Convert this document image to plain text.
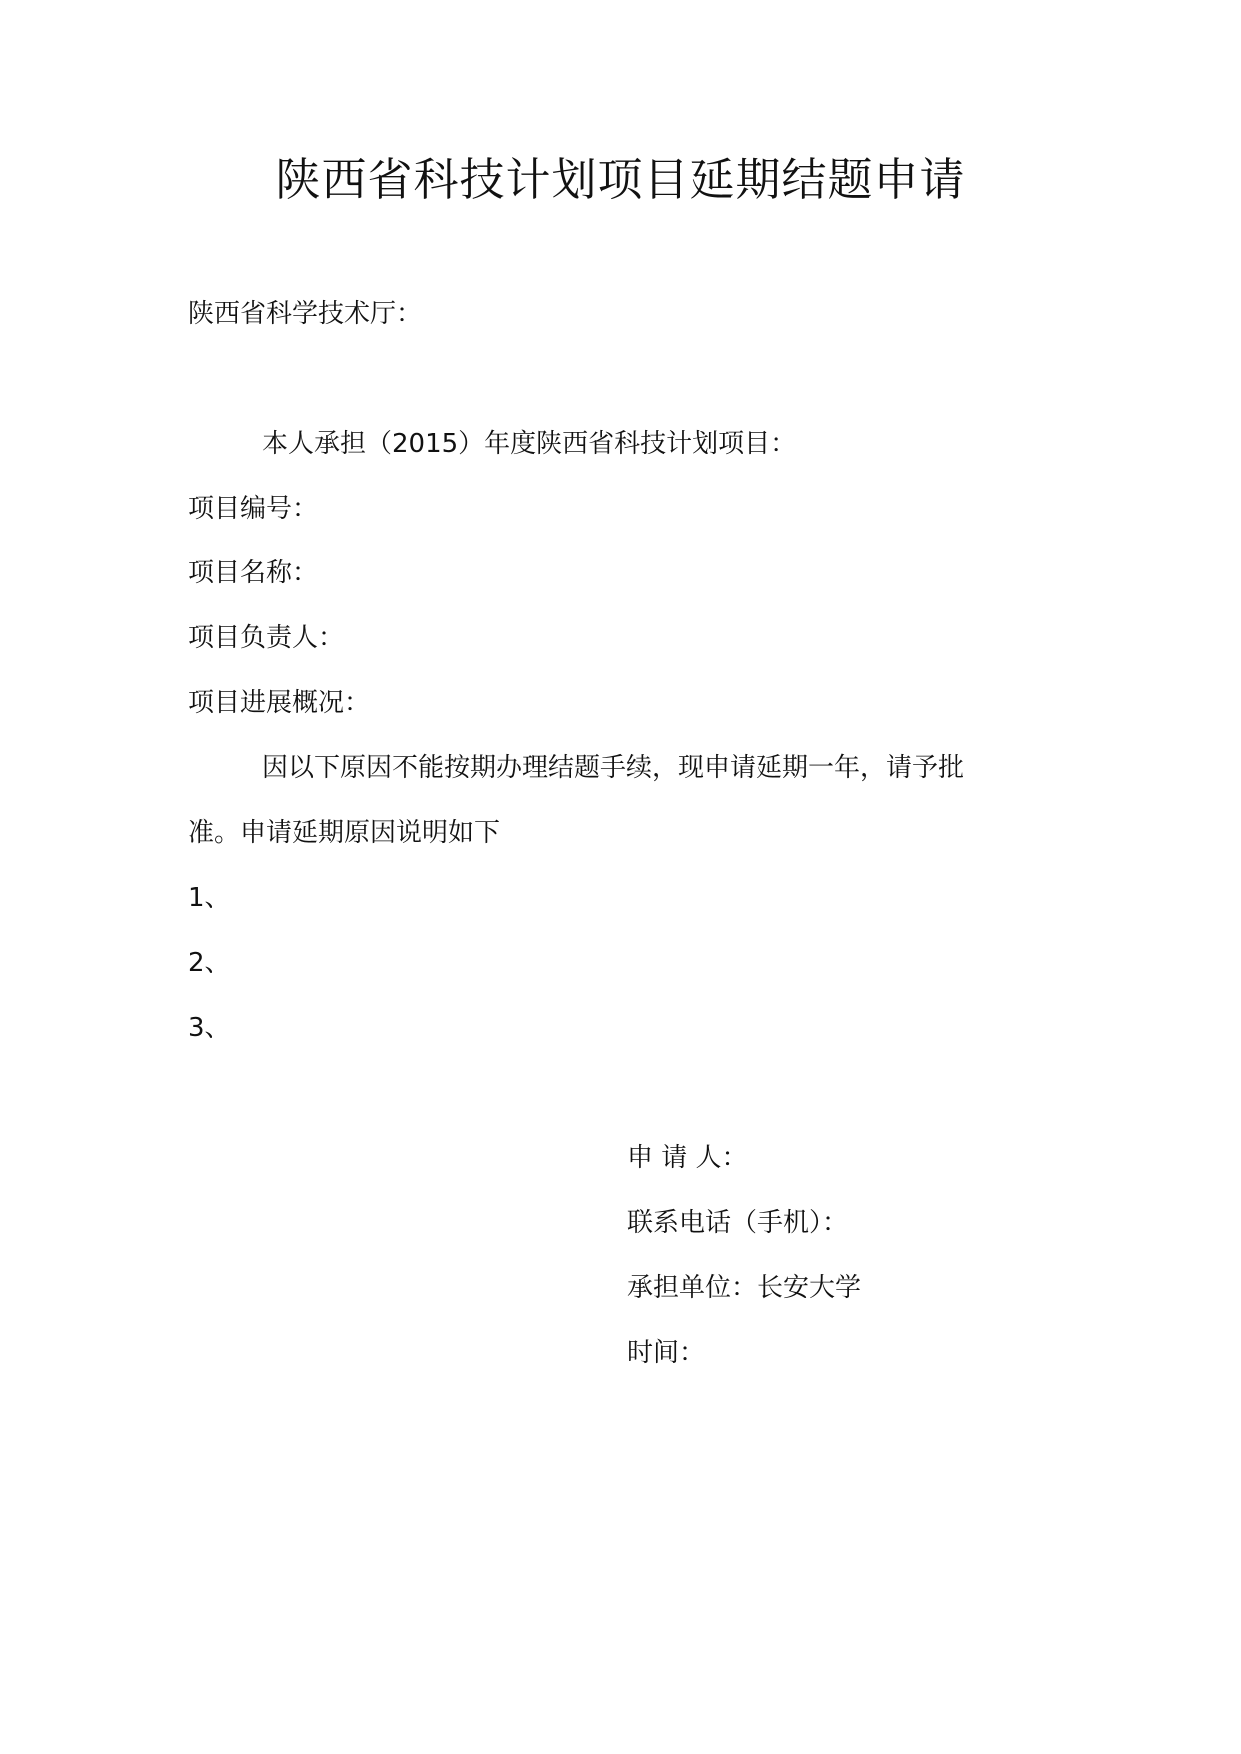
陕西省科技计划项目延期结题申请
陕西省科学技术厅：
本人承担（2015）年度陕西省科技计划项目：
项目编号：
项目名称：
项目负责人：
项目进展概况：
因以下原因不能按期办理结题手续，现申请延期一年，请予批
准。申请延期原因说明如下
1、
2、
3、
申 请 人：
联系电话（手机）：
承担单位：长安大学
时间：
